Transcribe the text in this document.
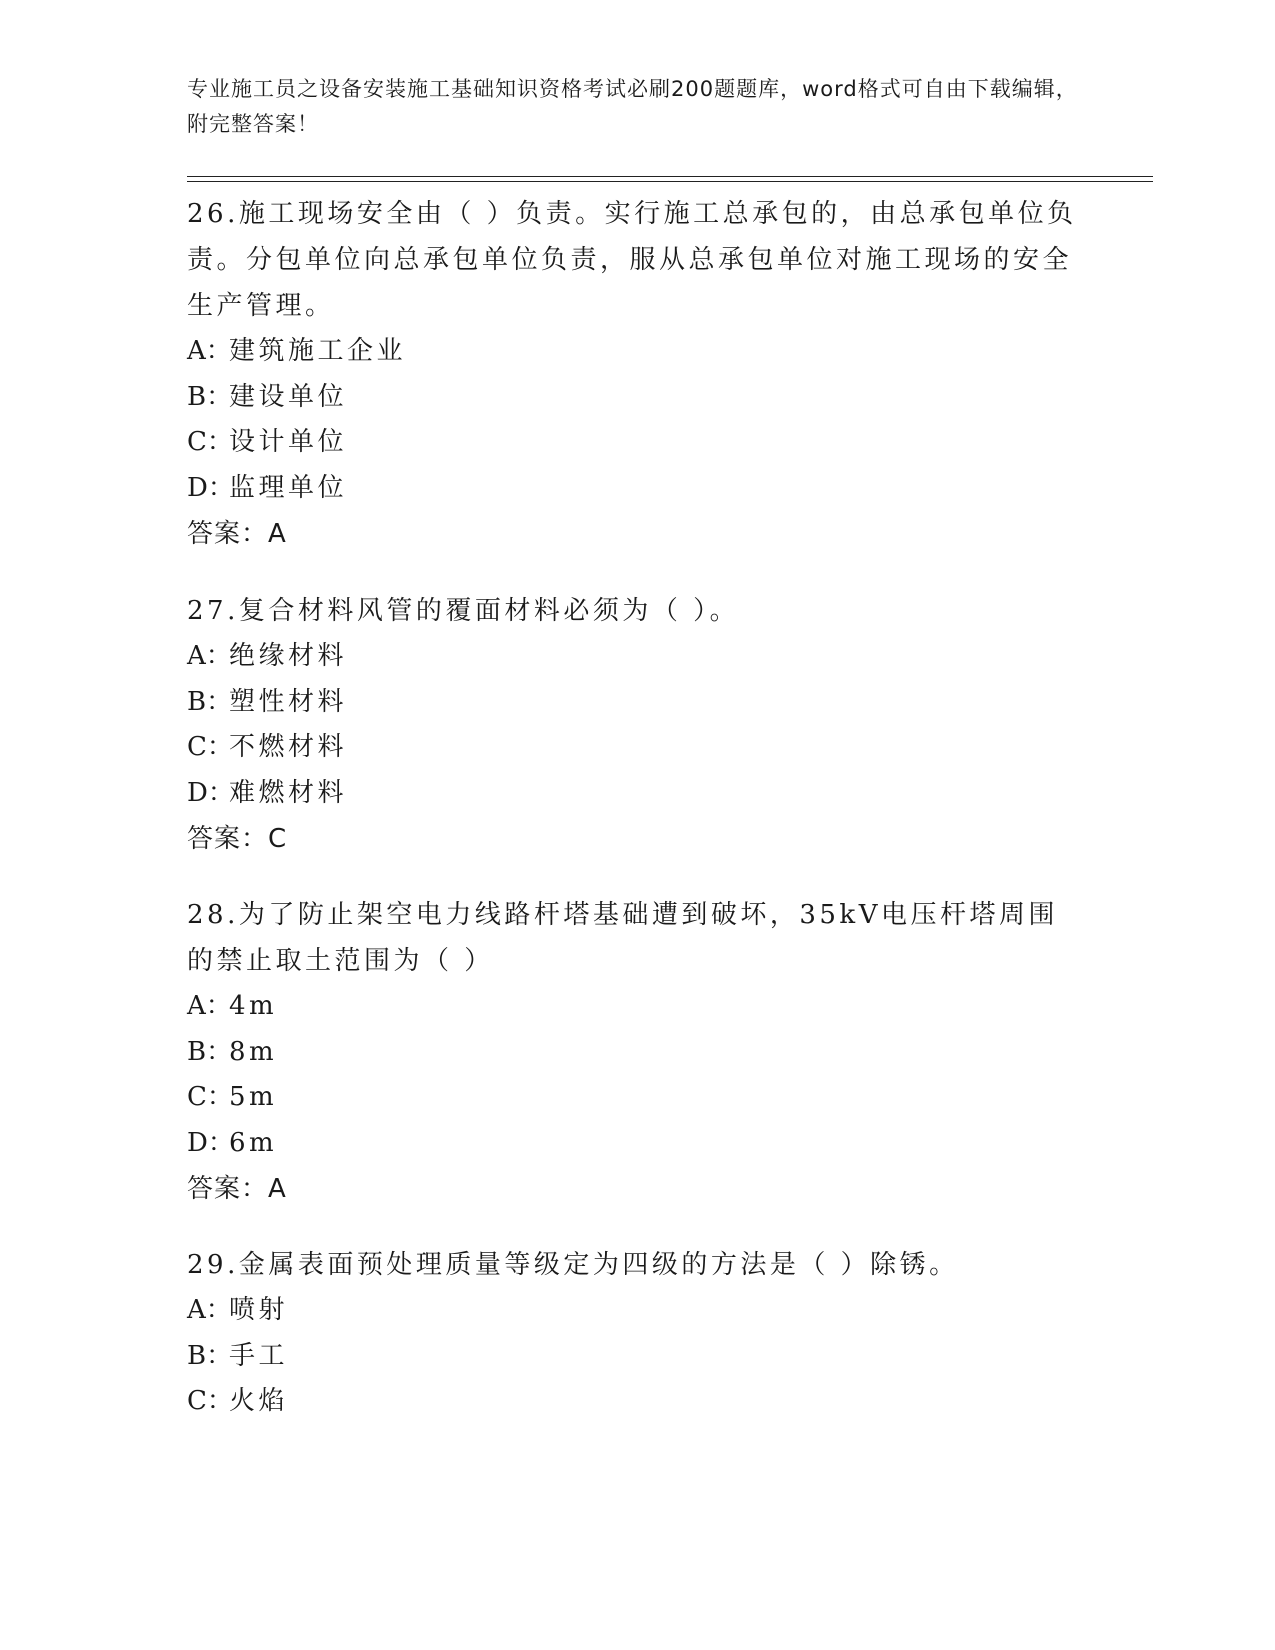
专业施工员之设备安装施工基础知识资格考试必刷200题题库，word格式可自由下载编辑，附完整答案！
26.施工现场安全由（ ）负责。实行施工总承包的，由总承包单位负责。分包单位向总承包单位负责，服从总承包单位对施工现场的安全生产管理。
A：建筑施工企业
B：建设单位
C：设计单位
D：监理单位
答案：A
27.复合材料风管的覆面材料必须为（ ）。
A：绝缘材料
B：塑性材料
C：不燃材料
D：难燃材料
答案：C
28.为了防止架空电力线路杆塔基础遭到破坏，35kV电压杆塔周围的禁止取土范围为（ ）
A：4m
B：8m
C：5m
D：6m
答案：A
29.金属表面预处理质量等级定为四级的方法是（ ）除锈。
A：喷射
B：手工
C：火焰
